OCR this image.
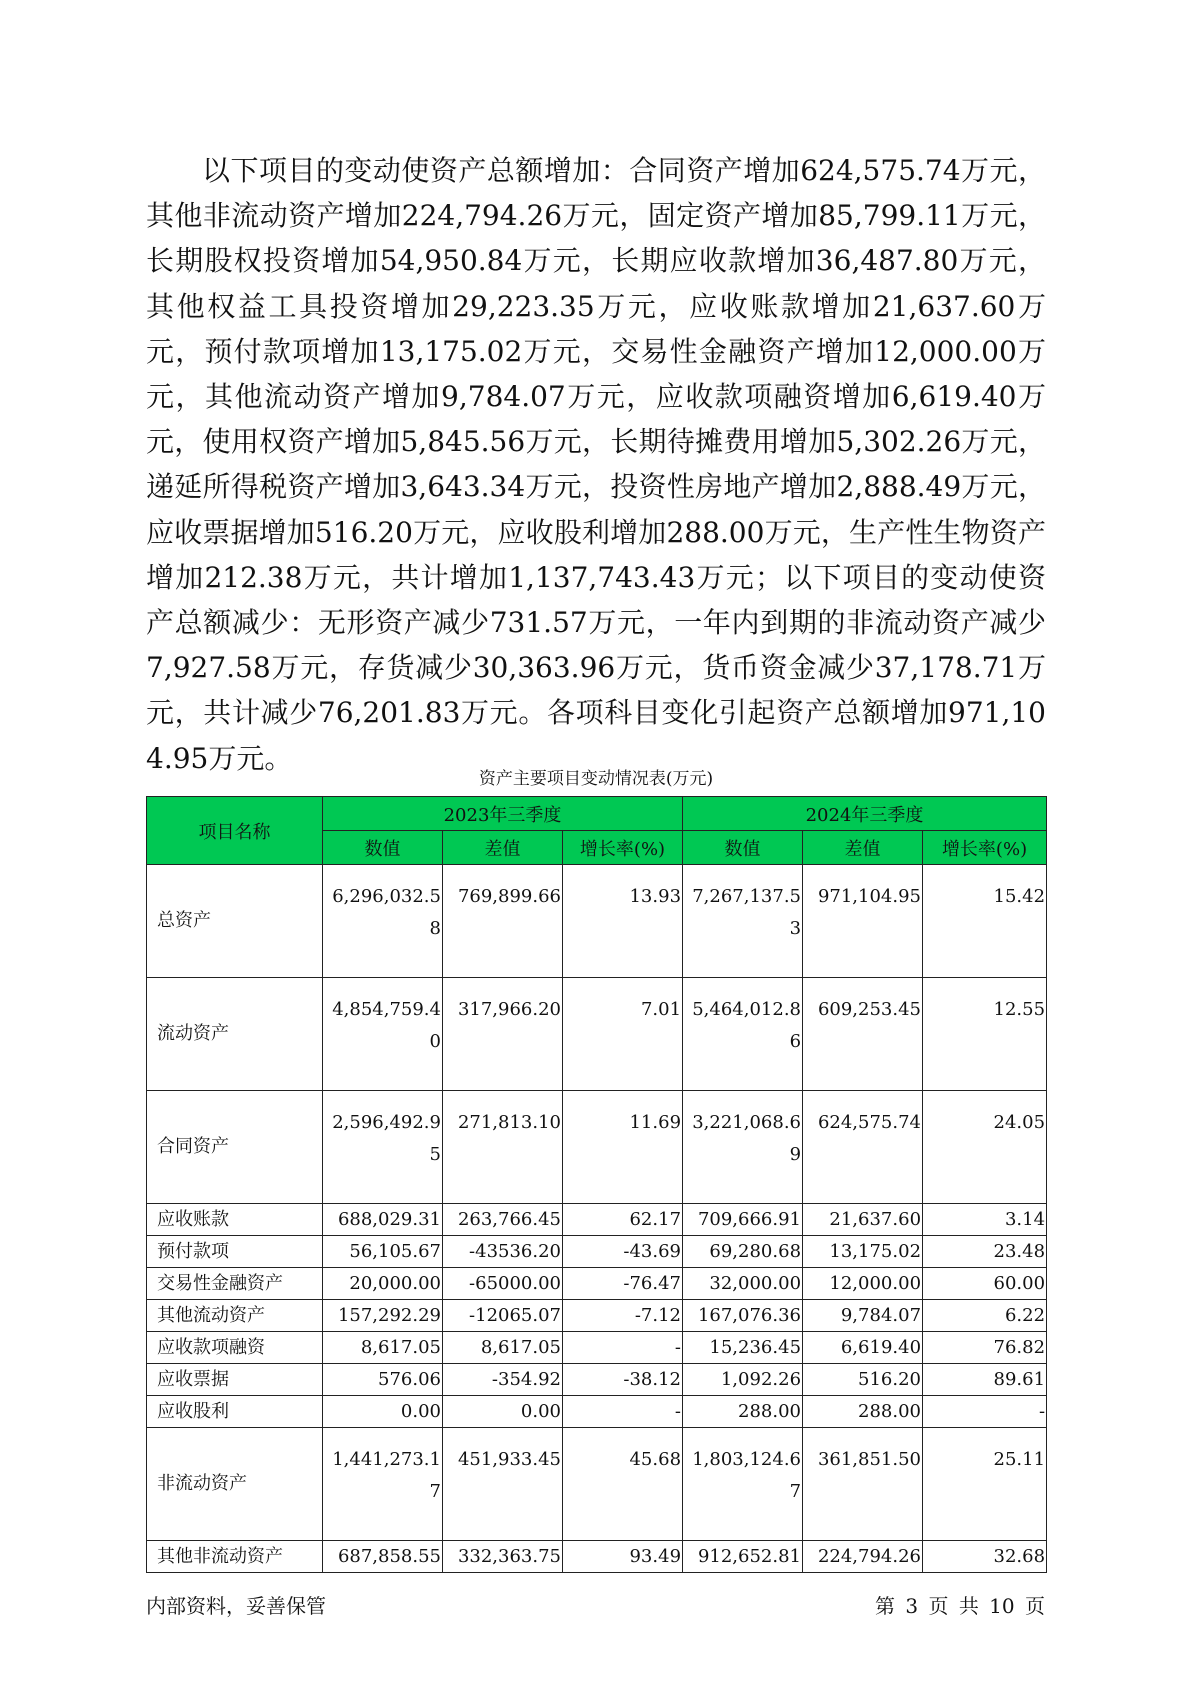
以下项目的变动使资产总额增加：合同资产增加624,575.74万元，其他非流动资产增加224,794.26万元，固定资产增加85,799.11万元，长期股权投资增加54,950.84万元，长期应收款增加36,487.80万元，其他权益工具投资增加29,223.35万元，应收账款增加21,637.60万元，预付款项增加13,175.02万元，交易性金融资产增加12,000.00万元，其他流动资产增加9,784.07万元，应收款项融资增加6,619.40万元，使用权资产增加5,845.56万元，长期待摊费用增加5,302.26万元，递延所得税资产增加3,643.34万元，投资性房地产增加2,888.49万元，应收票据增加516.20万元，应收股利增加288.00万元，生产性生物资产增加212.38万元，共计增加1,137,743.43万元；以下项目的变动使资产总额减少：无形资产减少731.57万元，一年内到期的非流动资产减少7,927.58万元，存货减少30,363.96万元，货币资金减少37,178.71万元，共计减少76,201.83万元。各项科目变化引起资产总额增加971,104.95万元。

资产主要项目变动情况表(万元)
项目名称	2023年三季度			2024年三季度		
	数值	差值	增长率(%)	数值	差值	增长率(%)
总资产	6,296,032.58	769,899.66	13.93	7,267,137.53	971,104.95	15.42
流动资产	4,854,759.40	317,966.20	7.01	5,464,012.86	609,253.45	12.55
合同资产	2,596,492.95	271,813.10	11.69	3,221,068.69	624,575.74	24.05
应收账款	688,029.31	263,766.45	62.17	709,666.91	21,637.60	3.14
预付款项	56,105.67	-43536.20	-43.69	69,280.68	13,175.02	23.48
交易性金融资产	20,000.00	-65000.00	-76.47	32,000.00	12,000.00	60.00
其他流动资产	157,292.29	-12065.07	-7.12	167,076.36	9,784.07	6.22
应收款项融资	8,617.05	8,617.05	-	15,236.45	6,619.40	76.82
应收票据	576.06	-354.92	-38.12	1,092.26	516.20	89.61
应收股利	0.00	0.00	-	288.00	288.00	-
非流动资产	1,441,273.17	451,933.45	45.68	1,803,124.67	361,851.50	25.11
其他非流动资产	687,858.55	332,363.75	93.49	912,652.81	224,794.26	32.68
内部资料，妥善保管	第 3 页 共 10 页
